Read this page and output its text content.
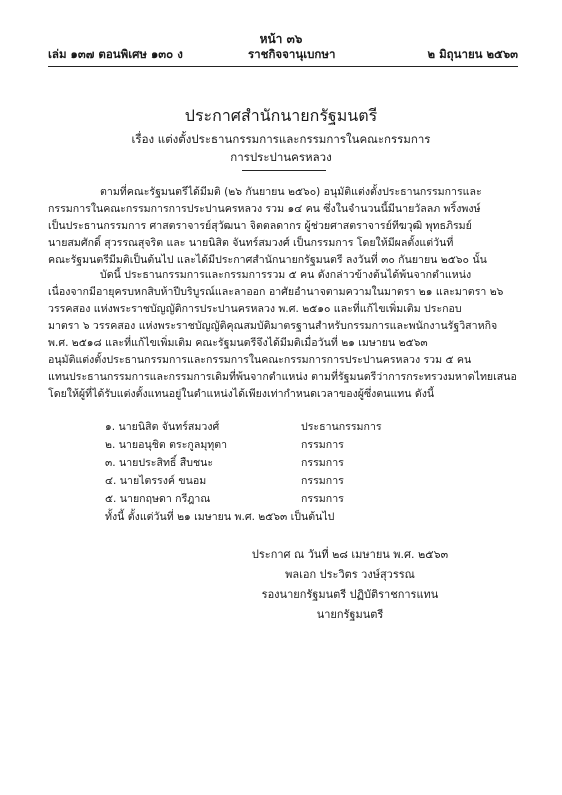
หน้า ๓๖
เล่ม ๑๓๗ ตอนพิเศษ ๑๓๐ ง	ราชกิจจานุเบกษา	๒ มิถุนายน ๒๕๖๓
ประกาศสำนักนายกรัฐมนตรี
เรื่อง แต่งตั้งประธานกรรมการและกรรมการในคณะกรรมการ
การประปานครหลวง
ตามที่คณะรัฐมนตรีได้มีมติ (๒๖ กันยายน ๒๕๖๐) อนุมัติแต่งตั้งประธานกรรมการและ
กรรมการในคณะกรรมการการประปานครหลวง รวม ๑๔ คน ซึ่งในจำนวนนี้มีนายวัลลภ พริ้งพงษ์
เป็นประธานกรรมการ ศาสตราจารย์สุวัฒนา จิตตลดากร ผู้ช่วยศาสตราจารย์ทีฆวุฒิ พุทธภิรมย์
นายสมศักดิ์ สุวรรณสุจริต และ นายนิสิต จันทร์สมวงศ์ เป็นกรรมการ โดยให้มีผลตั้งแต่วันที่
คณะรัฐมนตรีมีมติเป็นต้นไป และได้มีประกาศสำนักนายกรัฐมนตรี ลงวันที่ ๓๐ กันยายน ๒๕๖๐ นั้น
บัดนี้ ประธานกรรมการและกรรมการรวม ๕ คน ดังกล่าวข้างต้นได้พ้นจากตำแหน่ง
เนื่องจากมีอายุครบหกสิบห้าปีบริบูรณ์และลาออก อาศัยอำนาจตามความในมาตรา ๒๑ และมาตรา ๒๖
วรรคสอง แห่งพระราชบัญญัติการประปานครหลวง พ.ศ. ๒๕๑๐ และที่แก้ไขเพิ่มเติม ประกอบ
มาตรา ๖ วรรคสอง แห่งพระราชบัญญัติคุณสมบัติมาตรฐานสำหรับกรรมการและพนักงานรัฐวิสาหกิจ
พ.ศ. ๒๕๑๘ และที่แก้ไขเพิ่มเติม คณะรัฐมนตรีจึงได้มีมติเมื่อวันที่ ๒๑ เมษายน ๒๕๖๓
อนุมัติแต่งตั้งประธานกรรมการและกรรมการในคณะกรรมการการประปานครหลวง รวม ๕ คน
แทนประธานกรรมการและกรรมการเดิมที่พ้นจากตำแหน่ง ตามที่รัฐมนตรีว่าการกระทรวงมหาดไทยเสนอ
โดยให้ผู้ที่ได้รับแต่งตั้งแทนอยู่ในตำแหน่งได้เพียงเท่ากำหนดเวลาของผู้ซึ่งตนแทน ดังนี้
๑. นายนิสิต จันทร์สมวงศ์	ประธานกรรมการ
๒. นายอนุชิต ตระกูลมุทุตา	กรรมการ
๓. นายประสิทธิ์ สืบชนะ	กรรมการ
๔. นายไตรรงค์ ขนอม	กรรมการ
๕. นายกฤษดา กรีฎาณ	กรรมการ
ทั้งนี้ ตั้งแต่วันที่ ๒๑ เมษายน พ.ศ. ๒๕๖๓ เป็นต้นไป
ประกาศ ณ วันที่ ๒๘ เมษายน พ.ศ. ๒๕๖๓
พลเอก ประวิตร วงษ์สุวรรณ
รองนายกรัฐมนตรี ปฏิบัติราชการแทน
นายกรัฐมนตรี
